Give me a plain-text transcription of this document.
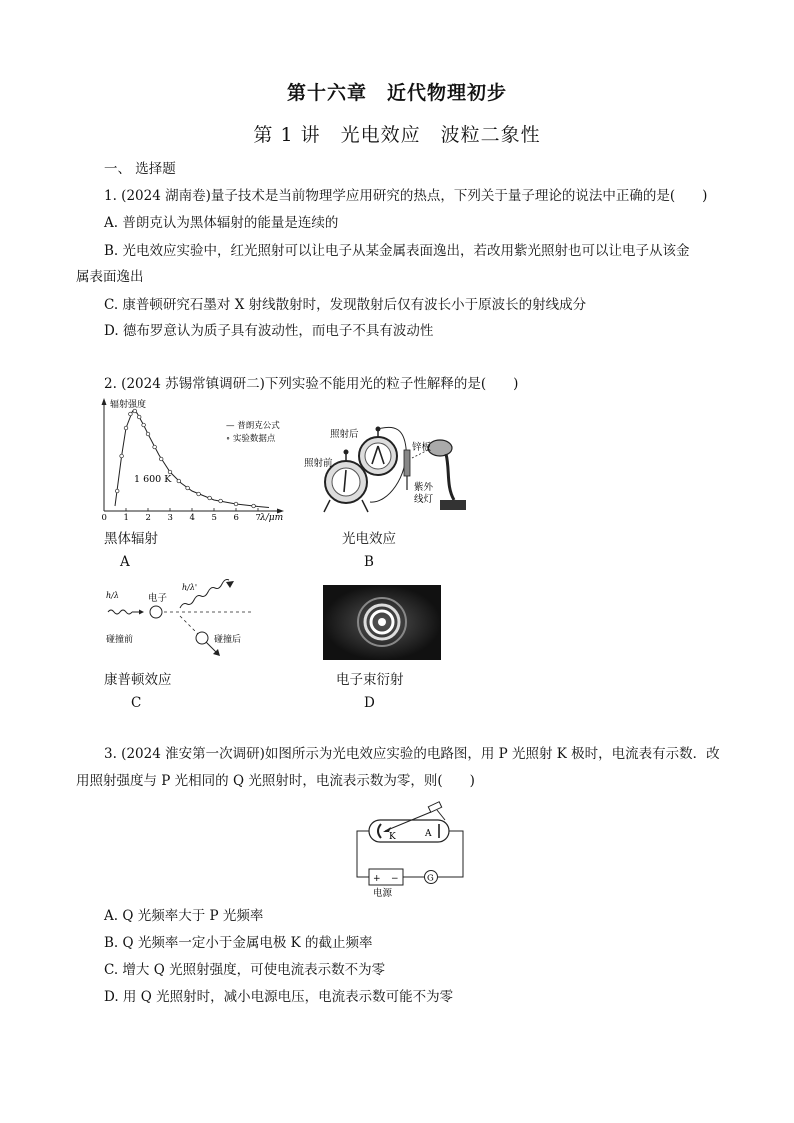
第十六章　近代物理初步
第 1 讲　光电效应　波粒二象性
一、 选择题
1. (2024 湖南卷)量子技术是当前物理学应用研究的热点，下列关于量子理论的说法中正确的是(　　)
A. 普朗克认为黑体辐射的能量是连续的
B. 光电效应实验中，红光照射可以让电子从某金属表面逸出，若改用紫光照射也可以让电子从该金
属表面逸出
C. 康普顿研究石墨对 X 射线散射时，发现散射后仅有波长小于原波长的射线成分
D. 德布罗意认为质子具有波动性，而电子不具有波动性
2. (2024 苏锡常镇调研二)下列实验不能用光的粒子性解释的是(　　)
0 1 2 3 4 5 6 7
辐射强度
— 普朗克公式
∘ 实验数据点
1 600 K
λ/μm
黑体辐射
A
照射后
照射前
锌板
紫外
线灯
光电效应
B
h/λ
h/λ'
电子
碰撞前	碰撞后
康普顿效应
C
电子束衍射
D
3. (2024 淮安第一次调研)如图所示为光电效应实验的电路图，用 P 光照射 K 极时，电流表有示数．改
用照射强度与 P 光相同的 Q 光照射时，电流表示数为零，则(　　)
K	A
+ −	G
电源
A. Q 光频率大于 P 光频率
B. Q 光频率一定小于金属电极 K 的截止频率
C. 增大 Q 光照射强度，可使电流表示数不为零
D. 用 Q 光照射时，减小电源电压，电流表示数可能不为零
